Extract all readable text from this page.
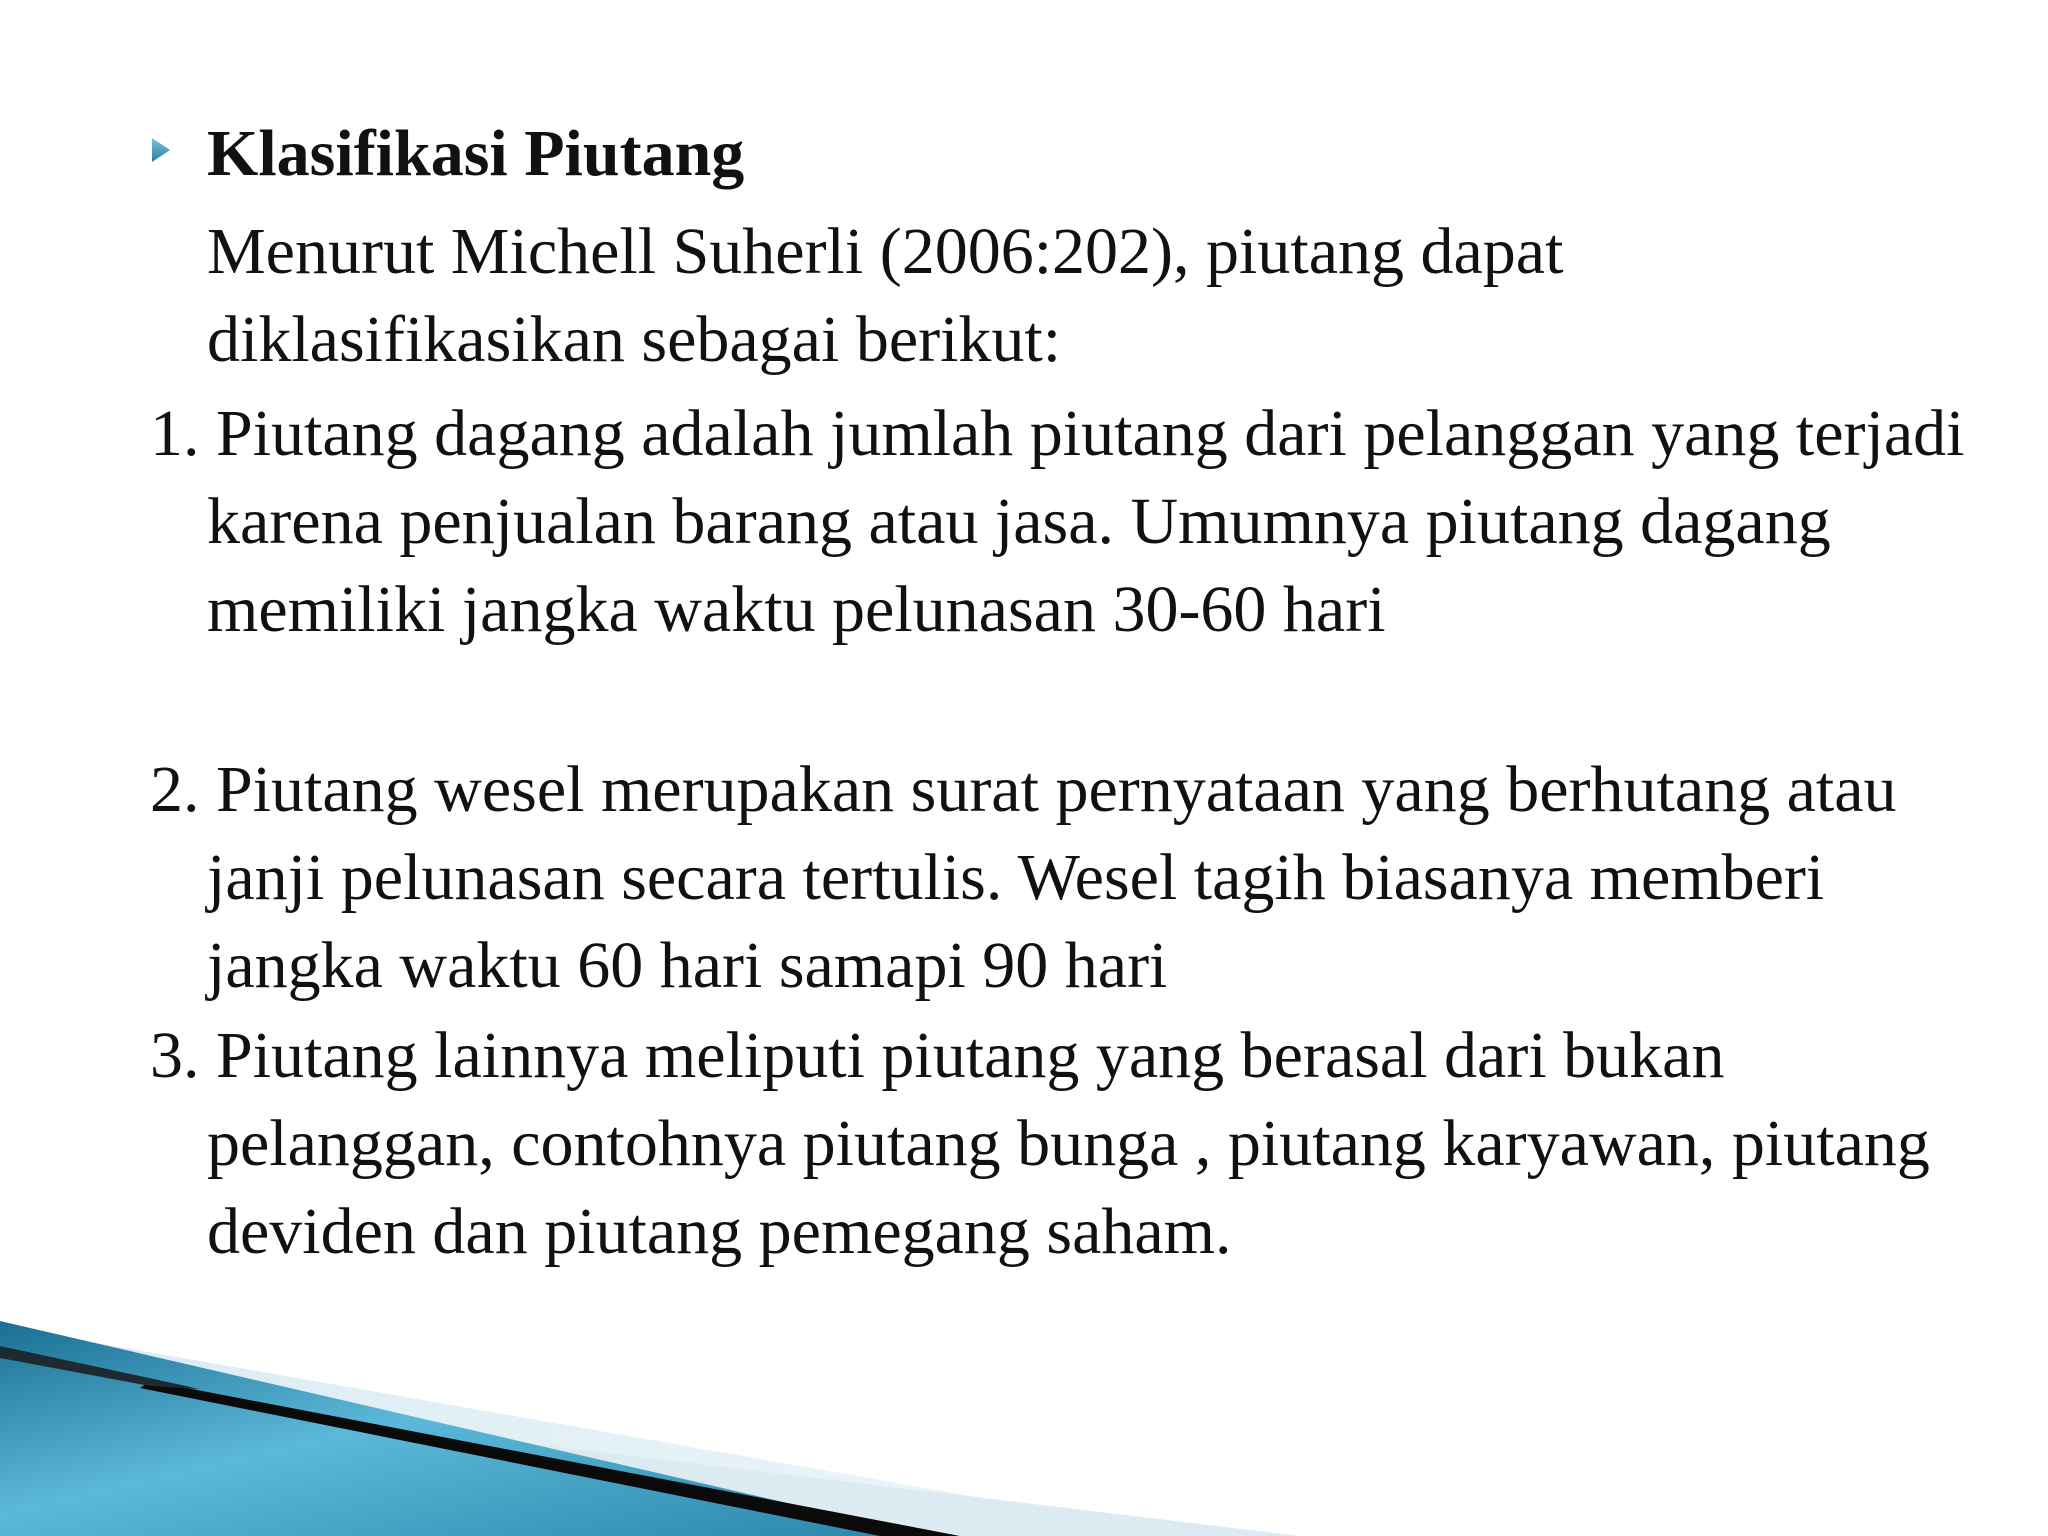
Klasifikasi Piutang

Menurut Michell Suherli (2006:202), piutang dapat diklasifikasikan sebagai berikut:

1. Piutang dagang adalah jumlah piutang dari pelanggan yang terjadi karena penjualan barang atau jasa. Umumnya piutang dagang memiliki jangka waktu pelunasan 30-60 hari

2. Piutang wesel merupakan surat pernyataan yang berhutang atau janji pelunasan secara tertulis. Wesel tagih biasanya memberi jangka waktu 60 hari samapi 90 hari

3. Piutang lainnya meliputi piutang yang berasal dari bukan pelanggan, contohnya piutang bunga , piutang karyawan, piutang deviden dan piutang pemegang saham.
